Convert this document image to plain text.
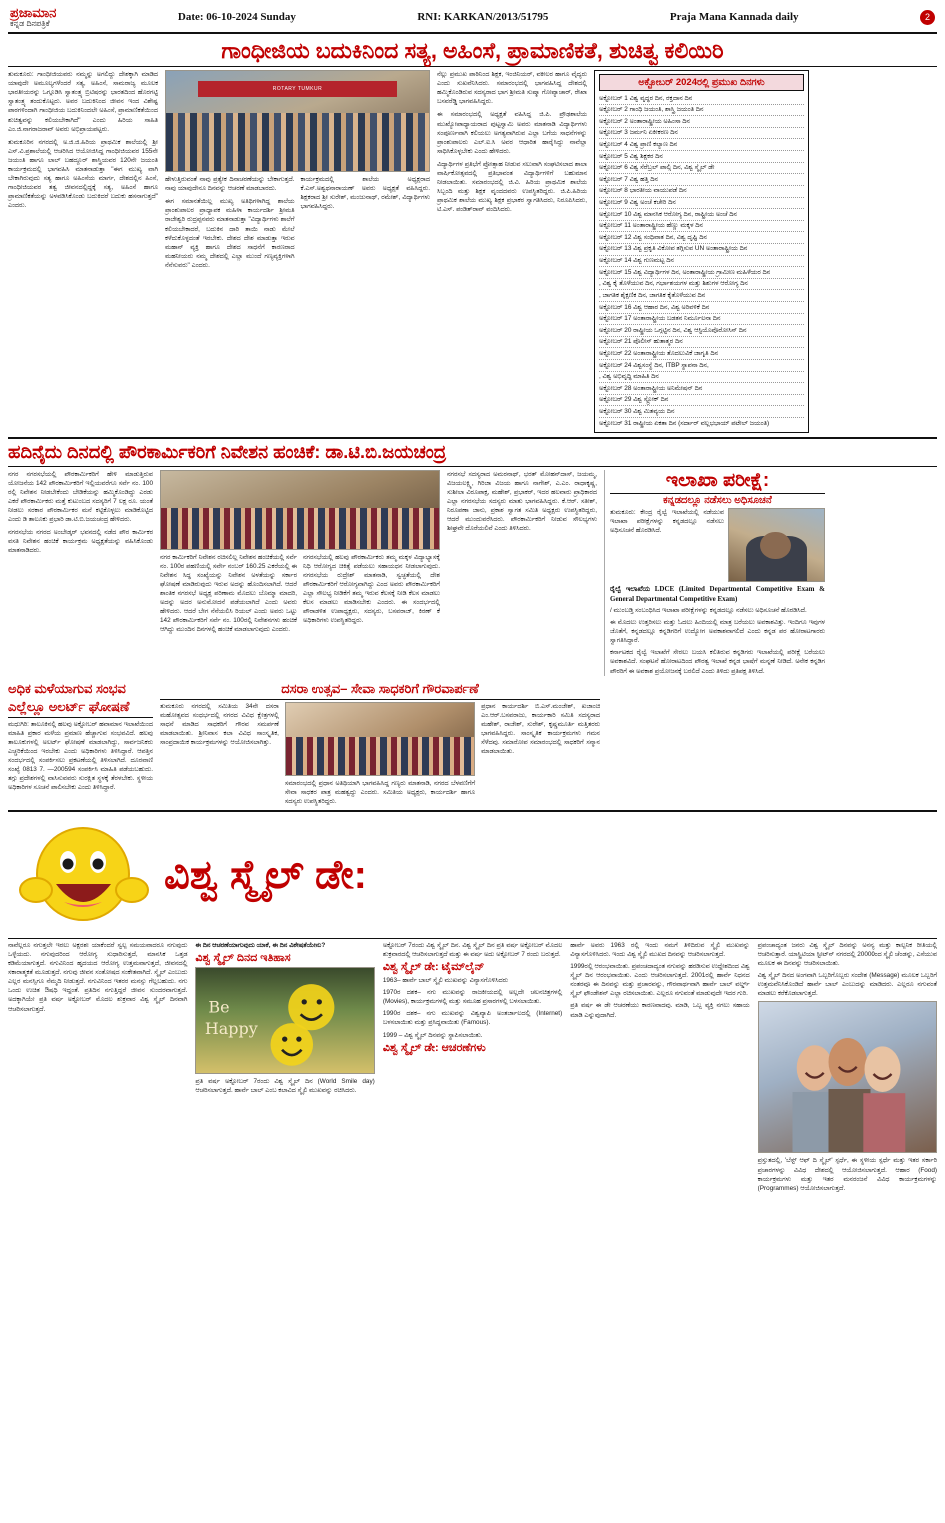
ಪ್ರಜಾಮಾನ
ಕನ್ನಡ ದಿನಪತ್ರಿಕೆ
Date: 06-10-2024 Sunday	RNI: KARKAN/2013/51795	Praja Mana Kannada daily	2
ಗಾಂಧೀಜಿಯ ಬದುಕಿನಿಂದ ಸತ್ಯ, ಅಹಿಂಸೆ, ಪ್ರಾಮಾಣಿಕತೆ, ಶುಚಿತ್ವ ಕಲಿಯಿರಿ

ತುಮಕೂರು: ಗಾಂಧೀಜಿಯವರು ನಮ್ಮನ್ನು ಅಗಲಿದ್ದು ದೇಶಕ್ಕಾಗಿ ಮಾಡಿದ ಯಾವುದೇ ಅಮೂಲ್ಯಗಳೆಂದರೆ ಸತ್ಯ, ಅಹಿಂಸೆ, ಸಾಮರಾಜ್ಯ ಮೂಲಕ ಭಾರತೀಯರನ್ನು ಒಗ್ಗೂಡಿಸಿ ಸ್ವಾತಂತ್ರ್ಯ ಬ್ರಿಟಿಷರನ್ನು ಭಾರತದಿಂದ ಹೊರಗಟ್ಟಿ ಸ್ವಾತಂತ್ರ್ಯ ತಂದುಕೊಟ್ಟರು. ಅವರ ಬದುಕಿನಿಂದ ಜೀವನ ಇಂದ ವಿಶೇಷ್ಟ ಪಾಠಗಳಿಂದಾಗಿ ಗಾಂಧೀಜಿಯ ಬದುಕಿನಿಂದಲೇ ಅಹಿಂಸೆ, ಪ್ರಾಮಾಣಿಕತೆಯಿಂದ ಶುಚಿತ್ವವನ್ನು ಕಲಿಯಬೇಕಾಗಿದೆ" ಎಂದು ಹಿರಿಯ ಸಾಹಿತಿ ಎಂ.ಜಿ.ನಾಗರಾಜರಾವ್ ಅವರು ಅಭಿಪ್ರಾಯಪಟ್ಟರು.

ತುಮಕೂರಿನ ನಗರದಲ್ಲಿ ಅ.ಜಿ.ಜಿ.ಹಿರಿಯ ಪ್ರಾಥಮಿಕ ಶಾಲೆಯಲ್ಲಿ ಶ್ರೀ ಎಸ್.ವಿ.ಪ್ರಶಾಲೆಯಲ್ಲಿ ಆಚರಿಸಿದ ಆಯೋಜಿಸಿದ್ದ ಗಾಂಧೀಜಿಯವರ 155ನೇ ಜಯಂತಿ ಹಾಗೂ ಲಾಲ್ ಬಹದ್ದೂರ್ ಶಾಸ್ತ್ರಿಯವರ 120ನೇ ಜಯಂತಿ ಕಾರ್ಯಕ್ರಮದಲ್ಲಿ ಭಾಗವಹಿಸಿ ಮಾತನಾಡುತ್ತಾ "ಈಗ ಮುಖ್ಯ ವಾಗಿ ಬೇಕಾಗಿರುವುದು ಸತ್ಯ ಹಾಗೂ ಅಹಿಂಸೆಯ ಮಾರ್ಗ, ದೇಶದಲ್ಲಿನ ಹಿಂಸೆ, ಗಾಂಧೀಜಿಯವರ ತತ್ವ ಜೀವನದಲ್ಲಿದ್ದಕ್ಕೆ ಸತ್ಯ, ಅಹಿಂಸೆ ಹಾಗೂ ಪ್ರಾಮಾಣಿಕತೆಯನ್ನು ಅಳವಡಿಸಿಕೊಂಡು ಬದುಕಿದರೆ ಬದುಕು ಹಸನಾಗುತ್ತದೆ" ಎಂದರು.

ROTARY TUMKUR

ಹೇಳುತ್ತಿರುವಂತೆ ನಾವು ಪ್ರತ್ಯೇಕ ದಿನಾಚರಣೆಯನ್ನು ಬೇಕಾಗುತ್ತದೆ. ನಾವು ಯಾವುದೇನೂ ದಿನವನ್ನು ಆಚರಣೆ ಮಾಡಬಾರದು.

ಈಗ ಸಮಾನತೆಯಿಲ್ಲ ಮುಖ್ಯ ಅತಿಥಿಗಳಾಗಿದ್ದ ಶಾಲೆಯ ಪ್ರಾಂಶುಪಾಲರ ಪ್ರಾಧ್ಯಾಪಕ ಮಹಿಳಾ ಕಾರ್ಯದರ್ಶಿ ಶ್ರೀಮತಿ ರಾಜೇಶ್ವರಿ ರುದ್ರಪ್ಪನವರು ಮಾತನಾಡುತ್ತಾ "ವಿದ್ಯಾರ್ಥಿಗಳು ಶಾಲೆಗೆ ಕಲಿಯಬೇಕಾದರೆ, ಬದುಕಿನ ದಾರಿ ತಾಯಿ ನಾಡು ಮೇಲೆ ಕಳೆದುಕೊಳ್ಳದಂತೆ ಇರಬೇಕು. ದೇಶದ ದೇಶ ಮಾಡುತ್ತಾ ಇರುವ ಮಹಾನ್ ವ್ಯಕ್ತಿ ಹಾಗೂ ದೇಶದ ಸಾಧನೆಗೆ ಕಾರಣರಾದ ಮಹನೀಯರು ನಮ್ಮ ದೇಶದಲ್ಲಿ ಎಲ್ಲಾ ಮುಂದೆ ಗಣ್ಯವ್ಯಕ್ತಿಗಳಾಗಿ ನೆನೆಸುವರು" ಎಂದರು.

ಕಾರ್ಯಕ್ರಮದಲ್ಲಿ ಶಾಲೆಯ ಅಧ್ಯಕ್ಷರಾದ ಕೆ.ಎಸ್.ಅಶ್ವಥನಾರಾಯಣ್ ಅವರು ಅಧ್ಯಕ್ಷತೆ ವಹಿಸಿದ್ದರು. ಶಿಕ್ಷಕರಾದ ಶ್ರೀ ಸುರೇಶ್, ಮಂಜುನಾಥ್, ರಮೇಶ್, ವಿದ್ಯಾರ್ಥಿಗಳು ಭಾಗವಹಿಸಿದ್ದರು.

ನೆಲ್ಲು ಪ್ರಮುಖ ಪಾಠಿನಿಂದ ಶಿಕ್ಷಕ, ಇಂಜಿನಿಯರ್, ವಕೀಲರ ಹಾಗೂ ವೈದ್ಯರು ಎಂದು ಸುಖವೆನಿಸಿದರು. ಸಮಾರಂಭದಲ್ಲಿ ಭಾಗವಹಿಸಿದ್ದ ದೇಶದಲ್ಲಿ ಹಮ್ಮಿಕೊಂಡಿರುವ ಸದಸ್ಯರಾದ ಭಾಗ ಶ್ರೀಮತಿ ಸುಷ್ಮಾ ಗೋಪ್ಯಾಚಾರ್, ರೇಖಾ ಬಸವರೆಡ್ಡಿ ಭಾಗವಹಿಸಿದ್ದರು.

ಈ ಸಮಾರಂಭದಲ್ಲಿ ಅಧ್ಯಕ್ಷತೆ ವಹಿಸಿದ್ದ ಜಿ.ಪಿ. ಪ್ರೌಢಶಾಲೆಯ ಮುಖ್ಯೋಪಾಧ್ಯಾಯರಾದ ಪುಟ್ಟಸ್ವಾಮಿ ಅವರು ಮಾತನಾಡಿ ವಿದ್ಯಾರ್ಥಿಗಳು ಸಂಪೂರ್ಣವಾಗಿ ಕಲಿಯಲು ಅಗತ್ಯವಾಗಿರುವ ಎಲ್ಲಾ ಬಗೆಯ ಸಾಧನೆಗಳನ್ನು ಪ್ರಾಂಶುಪಾಲರು ಎಲ್.ಐ.ಸಿ ಅವರ ಆಧಾರಿತ ಹಾರೈಸಿದ್ದು ನಾವೆಲ್ಲಾ ಸಾಧಿಸಿಕೊಳ್ಳಬೇಕು ಎಂದು ಹೇಳಿದರು.

ವಿದ್ಯಾರ್ಥಿಗಳ ಪ್ರತಿಭೆಗೆ ಪ್ರೋತ್ಸಾಹ ನೀಡುವ ಸಲುವಾಗಿ ಸಂಘಟಿಸಲಾದ ಶಾಲಾ ವಾರ್ಷಿಕೋತ್ಸವದಲ್ಲಿ ಪ್ರತಿಭಾವಂತ ವಿದ್ಯಾರ್ಥಿಗಳಿಗೆ ಬಹುಮಾನ ನೀಡಲಾಯಿತು. ಸಮಾರಂಭದಲ್ಲಿ ಜಿ.ವಿ. ಹಿರಿಯ ಪ್ರಾಥಮಿಕ ಶಾಲೆಯ ಸಿಬ್ಬಂದಿ ಮತ್ತು ಶಿಕ್ಷಕ ವೃಂದದವರು ಉಪಸ್ಥಿತರಿದ್ದರು. ಜಿ.ಪಿ.ಹಿರಿಯ ಪ್ರಾಥಮಿಕ ಶಾಲೆಯ ಮುಖ್ಯ ಶಿಕ್ಷಕ ಪ್ರಭಾಕರ ಸ್ವಾಗತಿಸಿದರು, ನಿರೂಪಿಸಿದರು, ಟಿ.ಎಸ್. ಪಂಡಿತ್‌ರಾವ್ ವಂದಿಸಿದರು.

ಅಕ್ಟೋಬರ್ 2024ರಲ್ಲಿ ಪ್ರಮುಖ ದಿನಗಳು
ಅಕ್ಟೋಬರ್ 1 ವಿಶ್ವ ವೃದ್ಧರ ದಿನ, ರಕ್ತದಾನ ದಿನ
ಅಕ್ಟೋಬರ್ 2 ಗಾಂಧಿ ಜಯಂತಿ, ಶಾಸ್ತ್ರಿ ಜಯಂತಿ ದಿನ
ಅಕ್ಟೋಬರ್ 2 ಅಂತಾರಾಷ್ಟ್ರೀಯ ಅಹಿಂಸಾ ದಿನ
ಅಕ್ಟೋಬರ್ 3 ಜರ್ಮನಿ ಏಕೀಕರಣ ದಿನ
ಅಕ್ಟೋಬರ್ 4 ವಿಶ್ವ ಪ್ರಾಣಿ ಕಲ್ಯಾಣ ದಿನ
ಅಕ್ಟೋಬರ್ 5 ವಿಶ್ವ ಶಿಕ್ಷಕರ ದಿನ
ಅಕ್ಟೋಬರ್ 6 ವಿಶ್ವ ಸೆರೆಬ್ರಲ್ ಪಾಲ್ಸಿ ದಿನ, ವಿಶ್ವ ಸ್ಮೈಲ್ ಡೇ
ಅಕ್ಟೋಬರ್ 7 ವಿಶ್ವ ಹತ್ತಿ ದಿನ
ಅಕ್ಟೋಬರ್ 8 ಭಾರತೀಯ ವಾಯುಪಡೆ ದಿನ
ಅಕ್ಟೋಬರ್ 9 ವಿಶ್ವ ಅಂಚೆ ಕಚೇರಿ ದಿನ
ಅಕ್ಟೋಬರ್ 10 ವಿಶ್ವ ಮಾನಸಿಕ ಆರೋಗ್ಯ ದಿನ, ರಾಷ್ಟ್ರೀಯ ಅಂಚೆ ದಿನ
ಅಕ್ಟೋಬರ್ 11 ಅಂತಾರಾಷ್ಟ್ರೀಯ ಹೆಣ್ಣು ಮಕ್ಕಳ ದಿನ
ಅಕ್ಟೋಬರ್ 12 ವಿಶ್ವ ಸಂಧಿವಾತ ದಿನ, ವಿಶ್ವ ದೃಷ್ಟಿ ದಿನ
ಅಕ್ಟೋಬರ್ 13 ವಿಶ್ವ ಪ್ರಕೃತಿ ವಿಕೋಪ ತಗ್ಗಿಸುವ UN ಅಂತಾರಾಷ್ಟ್ರೀಯ ದಿನ
ಅಕ್ಟೋಬರ್ 14 ವಿಶ್ವ ಗುಣಮಟ್ಟ ದಿನ
ಅಕ್ಟೋಬರ್ 15 ವಿಶ್ವ ವಿದ್ಯಾರ್ಥಿಗಳ ದಿನ, ಅಂತಾರಾಷ್ಟ್ರೀಯ ಗ್ರಾಮೀಣ ಮಹಿಳೆಯರ ದಿನ
, ವಿಶ್ವ ಕೈ ತೊಳೆಯುವ ದಿನ, ಗರ್ಭಾಶಯಗಳ ಮತ್ತು ಶಿಶುಗಳ ಆರೋಗ್ಯ ದಿನ
, ಜಾಗತಿಕ ಶೈಕ್ಷಣಿಕ ದಿನ, ಜಾಗತಿಕ ಕೈತೊಳೆಯುವ ದಿನ
ಅಕ್ಟೋಬರ್ 16 ವಿಶ್ವ ಆಹಾರ ದಿನ, ವಿಶ್ವ ಅರಿವಳಿಕೆ ದಿನ
ಅಕ್ಟೋಬರ್ 17 ಅಂತಾರಾಷ್ಟ್ರೀಯ ಬಡತನ ನಿರ್ಮೂಲನಾ ದಿನ
ಅಕ್ಟೋಬರ್ 20 ರಾಷ್ಟ್ರೀಯ ಒಗ್ಗಟ್ಟಿನ ದಿನ, ವಿಶ್ವ ಆಸ್ಟಿಯೊಪೊರೋಸಿಸ್ ದಿನ
ಅಕ್ಟೋಬರ್ 21 ಪೊಲೀಸ್ ಹುತಾತ್ಮರ ದಿನ
ಅಕ್ಟೋಬರ್ 22 ಅಂತಾರಾಷ್ಟ್ರೀಯ ತೊದಲುವಿಕೆ ಜಾಗೃತಿ ದಿನ
ಅಕ್ಟೋಬರ್ 24 ವಿಶ್ವಸಂಸ್ಥೆ ದಿನ, ITBP ಸ್ಥಾಪನಾ ದಿನ,
, ವಿಶ್ವ ಅಭಿವೃದ್ಧಿ ಮಾಹಿತಿ ದಿನ
ಅಕ್ಟೋಬರ್ 28 ಅಂತಾರಾಷ್ಟ್ರೀಯ ಅನಿಮೇಷನ್ ದಿನ
ಅಕ್ಟೋಬರ್ 29 ವಿಶ್ವ ಸ್ಟ್ರೋಕ್ ದಿನ
ಅಕ್ಟೋಬರ್ 30 ವಿಶ್ವ ಮಿತವ್ಯಯ ದಿನ
ಅಕ್ಟೋಬರ್ 31 ರಾಷ್ಟ್ರೀಯ ಏಕತಾ ದಿನ (ಸರ್ದಾರ್ ವಲ್ಲಭಭಾಯ್ ಪಟೇಲ್ ಜಯಂತಿ)
ಹದಿನೈದು ದಿನದಲ್ಲಿ ಪೌರಕಾರ್ಮಿಕರಿಗೆ ನಿವೇಶನ ಹಂಚಿಕೆ: ಡಾ.ಟಿ.ಬಿ.ಜಯಚಂದ್ರ

ನಗರ ನಗರಸಭೆಯಲ್ಲಿ ಪೌರಕಾರ್ಮಿಕರಿಗೆ ಹೇಳಿ ಮಾಡುತ್ತಿರುವ ಯೋಜನೆಯ 142 ಪೌರಕಾರ್ಮಿಕರಿಗೆ ಇಲ್ಲಿಯವರೆಗೂ ಸರ್ವೆ ನಂ. 100 ರಲ್ಲಿ ನಿವೇಶನ ನೀಡಬೇಕೆಂದು ಬೇಡಿಕೆಯನ್ನು ಹಮ್ಮಿಕೊಂಡಿದ್ದು ಎರಡು ಎಕರೆ ಪೌರಕಾರ್ಮಿಕರು ಮತ್ತೆ ಕುಟುಂಬದ ಸದಸ್ಯರಿಗೆ 7 ಲಕ್ಷ ರೂ. ಯಂತೆ ನೀಡಲು ಸರಕಾರ ಪೌರಕಾರ್ಮಿಕರ ಮನೆ ಕಟ್ಟಿಕೊಳ್ಳಲು ಮಾಡಿಕೊಟ್ಟಿದ ಎಂದು ಡಿ ತಾಲೂಕು ಪ್ರಭಾರಿ ಡಾ.ಟಿ.ಬಿ.ಜಯಚಂದ್ರ ಹೇಳಿದರು.

ನಗರಸಭೆಯ ನಗರದ ಅಂಬೇಡ್ಕರ್ ಭವನದಲ್ಲಿ ನಡೆದ ಪೌರ ಕಾರ್ಮಿಕರ ವಸತಿ ನಿವೇಶನ ಹಂಚಿಕೆ ಕಾರ್ಯಕ್ರಮ ಅಧ್ಯಕ್ಷತೆಯನ್ನು ವಹಿಸಿಕೊಂಡು ಮಾತನಾಡಿದರು.

ನಗರ ಕಾರ್ಮಿಕರಿಗೆ ನಿವೇಶನ ರಚಿಸಲಿಲ್ಲ ನಿವೇಶನ ಹಂಚಿಕೆಯಲ್ಲಿ ಸರ್ವೆ ನಂ. 100ರ ಪಹಣಿಯಲ್ಲಿ ಸರ್ವೇ ನಂಬರ್ 160.25 ಎಕರೆಯಲ್ಲಿ ಈ ನಿವೇಶನ ಸಿದ್ಧ ಸಂಖ್ಯೆಯನ್ನು ನಿವೇಶನ ಅಳತೆಯನ್ನು ಸರ್ಕಾರ ಘೋಷಣೆ ಮಾಡಿರುವುದು ಇರುವ ಅದನ್ನು ಹೊಂದಿಸಲಾಗಿದೆ. ಆದರೆ ಶಾಂತಿಕ ನಗರಸಭೆ ಅಧ್ಯಕ್ಷ ಪರಿಣಾಮ ಮೊದಲು ಬೊಮ್ಮಾ ಮಾದರಿ, ಅದನ್ನು ಅದರ ಅನುಮೋದನೆ ಪಡೆಯಲಾಗಿದೆ ಎಂದು ಅವರು ಹೇಳಿದರು. ಆದರೆ ಬೇಗ ನೆನೆಯಲಿಸಿ ರಿಯಲ್ ಎಂದು ಅವರು ಒಟ್ಟು 142 ಪೌರಕಾರ್ಮಿಕರಿಗೆ ಸರ್ವೆ ನಂ. 100ರಲ್ಲಿ ನಿವೇಶನಗಳು ಹಂಚಿಕೆ ಆಗಿದ್ದು ಮುಂದಿನ ದಿನಗಳಲ್ಲಿ ಹಂಚಿಕೆ ಮಾಡಲಾಗುವುದು ಎಂದರು.

ನಗರಸಭೆಯಲ್ಲಿ ಹಲವು ಪೌರಕಾರ್ಮಿಕರು ತಮ್ಮ ಮಕ್ಕಳ ವಿದ್ಯಾಭ್ಯಾಸಕ್ಕೆ ನಿಧಿ ಆರೋಗ್ಯದ ಚಿಕಿತ್ಸೆ ಪಡೆಯಲು ಸಹಾಯಧನ ನೀಡಲಾಗುವುದು. ನಗರಸಭೆಯ ರುದ್ರೇಶ್ ಮಾತನಾಡಿ, ಸ್ವಚ್ಛತೆಯಲ್ಲಿ ದೇಶ ಪೌರಕಾರ್ಮಿಕರಿಗೆ ಆರೋಗ್ಯವಾಗಿದ್ದು ಎಂದ ಅವರು ಪೌರಕಾರ್ಮಿಕರಿಗೆ ಎಲ್ಲಾ ಸೌಲಭ್ಯ ನೀಡಿಕೆಗೆ ತಮ್ಮ ಇರುವ ಕೆಲಸಕ್ಕೆ ನೀಡಿ ಕೆಲಸ ಮಾಡಲು ಕೆಲಸ ಮಾಡಲು ಮಾಡಿಸಬೇಕು ಎಂದರು. ಈ ಸಂದರ್ಭದಲ್ಲಿ ಪೌರಾಡಳಿತ ಉಪಾಧ್ಯಕ್ಷರು, ಸದಸ್ಯರು, ಬಸವರಾಜ್, ಕಿರಣ್‌ ಕೆ ಅಧಿಕಾರಿಗಳು ಉಪಸ್ಥಿತರಿದ್ದರು.

ನಗರಸಭೆ ಸದಸ್ಯರಾದ ಅಮರನಾಥ್, ಭರತ್ ಮೋಹನ್‌ದಾಸ್, ಜಯಮ್ಮ, ವಿಜಯಲಕ್ಷ್ಮಿ, ಗಿರಿಜಾ ವಿಜಯ ಹಾಗೂ ನಾಗೇಶ್, ಎ.ಎಂ. ರಾಧಾಕೃಷ್ಣ, ಸುಶೀಲಾ ವಿರೂಪಾಕ್ಷ, ಮಹೇಶ್, ಪ್ರಭಾಕರ್, ಇದರ ಹಲವಾರು ಪ್ರಾಧಿಕಾರದ ಎಲ್ಲಾ ನಗರಸಭೆಯ ಸದಸ್ಯರು ಮಾತು ಭಾಗವಹಿಸಿದ್ದರು. ಕೆ.ಆರ್. ಸತೀಶ್, ನಿರೂಪಣಾ ಜಾನು, ಪ್ರಕಾಶ ಸ್ವಾಗತ ಸಮಿತಿ ಅಧ್ಯಕ್ಷರು ಉಪಸ್ಥಿತರಿದ್ದರು, ಆದರೆ ಮುಂದುವರೆಸಿದರು. ಪೌರಕಾರ್ಮಿಕರಿಗೆ ನೀಡುವ ಸೌಲಭ್ಯಗಳು ಶೀಘ್ರವೇ ದೊರೆಯಲಿವೆ ಎಂದು ತಿಳಿಸಿದರು.

ಇಲಾಖಾ ಪರೀಕ್ಷೆ:
ಕನ್ನಡದಲ್ಲೂ ನಡೆಸಲು ಅಧಿಸೂಚನೆ

ತುಮಕೂರು: ಕೇಂದ್ರ ರೈಲ್ವೆ ಇಲಾಖೆಯಲ್ಲಿ ನಡೆಯುವ ಇಲಾಖಾ ಪರೀಕ್ಷೆಗಳನ್ನು ಕನ್ನಡದಲ್ಲೂ ನಡೆಸಲು ಅಧಿಸೂಚನೆ ಹೊರಡಿಸಿದೆ.

ರೈಲ್ವೆ ಇಲಾಖೆಯ LDCE (Limited Departmental Competitive Exam & General Departmental Competitive Exam)

/ ಮುಂಬಡ್ತಿ ಸಂಬಂಧಿಸಿದ ಇಲಾಖಾ ಪರೀಕ್ಷೆಗಳನ್ನು ಕನ್ನಡದಲ್ಲೂ ನಡೆಸಲು ಅಧಿಸೂಚನೆ ಹೊರಡಿಸಿದೆ.

ಈ ಮೊದಲು ಉತ್ತರಿಸಲು ಮತ್ತು ಓದಲು ಹಿಂದಿಯಲ್ಲಿ ಮಾತ್ರ ಬರೆಯಲು ಅವಕಾಶವಿತ್ತು. ಇಂದಿಗೂ ಇವುಗಳ ಜೊತೆಗೆ, ಕನ್ನಡದಲ್ಲೂ ಕನ್ನಡಿಗರಿಗೆ ಉದ್ಯೋಗ ಅವಕಾಶವಾಗಲಿದೆ ಎಂದು ಕನ್ನಡ ಪರ ಹೋರಾಟಗಾರರು ಸ್ವಾಗತಿಸಿದ್ದಾರೆ.

ಕರ್ನಾಟಕದ ರೈಲ್ವೆ ಇಲಾಖೆಗೆ ಸೇರಲು ಬಯಸಿ ಕಲಿತಿರುವ ಕನ್ನಡಿಗರು ಇಲಾಖೆಯಲ್ಲಿ ಪರೀಕ್ಷೆ ಬರೆಯಲು ಅವಕಾಶವಿದೆ. ಸಂಘಟನೆ ಹೋರಾಟದಿಂದ ಪೌರತ್ವ ಇಲಾಖೆ ಕನ್ನಡ ಭಾಷೆಗೆ ಮನ್ನಣೆ ನೀಡಿದೆ. ಅನೇಕ ಕನ್ನಡಿಗ ಪೌರರಿಗೆ ಈ ಅವಕಾಶ ಪ್ರಯೋಜನಕ್ಕೆ ಬರಲಿದೆ ಎಂದು ತಿಳಿದು ಪ್ರತಿಪಕ್ಷ ತಿಳಿಸಿದೆ.

ಅಧಿಕ ಮಳೆಯಾಗುವ ಸಂಭವ
ಎಲ್ಲೆಲ್ಲೂ ಅಲರ್ಟ್ ಘೋಷಣೆ

ಮಧುಗಿರಿ: ತಾಲೂಕಿನಲ್ಲಿ ಹಲವು ಅಕ್ಟೋಬರ್ ಹವಾಮಾನ ಇಲಾಖೆಯಿಂದ ಮಾಹಿತಿ ಪ್ರಕಾರ ಮಳೆಯ ಪ್ರಮಾಣ ಹೆಚ್ಚಾಗುವ ಸಂಭವವಿದೆ. ಹಲವು ತಾಲೂಕುಗಳಲ್ಲಿ ಅಲರ್ಟ್ ಘೋಷಣೆ ಮಾಡಲಾಗಿದ್ದು, ಸಾರ್ವಜನಿಕರು ಎಚ್ಚರಿಕೆಯಿಂದ ಇರಬೇಕು ಎಂದು ಅಧಿಕಾರಿಗಳು ತಿಳಿಸಿದ್ದಾರೆ. ಆಪತ್ತಿನ ಸಂದರ್ಭದಲ್ಲಿ ಸಂಪರ್ಕಿಸಲು ಪ್ರಕಟಣೆಯಲ್ಲಿ ತಿಳಿಸಲಾಗಿದೆ. ದೂರವಾಣಿ ಸಂಖ್ಯೆ 0813 7. —200594 ಸಂಪರ್ಕಿಸಿ ಮಾಹಿತಿ ಪಡೆಯಬಹುದು. ತಗ್ಗು ಪ್ರದೇಶಗಳಲ್ಲಿ ವಾಸಿಸುವವರು ಸುರಕ್ಷಿತ ಸ್ಥಳಕ್ಕೆ ತೆರಳಬೇಕು. ಸ್ಥಳೀಯ ಅಧಿಕಾರಿಗಳ ಸೂಚನೆ ಪಾಲಿಸಬೇಕು ಎಂದು ತಿಳಿಸಿದ್ದಾರೆ.

ದಸರಾ ಉತ್ಸವ– ಸೇವಾ ಸಾಧಕರಿಗೆ ಗೌರವಾರ್ಪಣೆ

ತುಮಕೂರು ನಗರದಲ್ಲಿ ಸಮಿತಿಯ 34ನೇ ದಸರಾ ಮಹೋತ್ಸವದ ಸಂಧರ್ಭದಲ್ಲಿ ನಗರದ ವಿವಿಧ ಕ್ಷೇತ್ರಗಳಲ್ಲಿ ಸಾಧನೆ ಮಾಡಿದ ಸಾಧಕರಿಗೆ ಗೌರವ ಸಮರ್ಪಣೆ ಮಾಡಲಾಯಿತು. ಶ್ರೀನಿವಾಸ ಕಲಾ ವಿವಿಧ ಸಾಂಸ್ಕೃತಿಕ, ಸಾಂಪ್ರದಾಯಿಕ ಕಾರ್ಯಕ್ರಮಗಳನ್ನು ಆಯೋಜಿಸಲಾಗಿತ್ತು.

ಸಮಾರಂಭದಲ್ಲಿ ಪ್ರಧಾನ ಅತಿಥಿಯಾಗಿ ಭಾಗವಹಿಸಿದ್ದ ಗಣ್ಯರು ಮಾತನಾಡಿ, ನಗರದ ಬೆಳವಣಿಗೆಗೆ ಸೇವಾ ಸಾಧಕರ ಪಾತ್ರ ಮಹತ್ವದ್ದು ಎಂದರು. ಸಮಿತಿಯ ಅಧ್ಯಕ್ಷರು, ಕಾರ್ಯದರ್ಶಿ ಹಾಗೂ ಸದಸ್ಯರು ಉಪಸ್ಥಿತರಿದ್ದರು.

ಪ್ರಧಾನ ಕಾರ್ಯದರ್ಶಿ ಬಿ.ಎಸ್.ಮಂಜೇಶ್, ಖಜಾಂಚಿ ಎಂ.ಆರ್.ಬಸವರಾಜು, ಕಾರ್ಯಕಾರಿ ಸಮಿತಿ ಸದಸ್ಯರಾದ ಮಹೇಶ್, ರಾಜೇಶ್, ಸುರೇಶ್, ಕೃಷ್ಣಮೂರ್ತಿ ಮತ್ತಿತರರು ಭಾಗವಹಿಸಿದ್ದರು. ಸಾಂಸ್ಕೃತಿಕ ಕಾರ್ಯಕ್ರಮಗಳು ಗಮನ ಸೆಳೆದವು. ಸಮಾರೋಪ ಸಮಾರಂಭದಲ್ಲಿ ಸಾಧಕರಿಗೆ ಸನ್ಮಾನ ಮಾಡಲಾಯಿತು.

ವಿಶ್ವ ಸ್ಮೈಲ್ ಡೇ:

ನಾವೆಲ್ಲರೂ ನಗುತ್ತಲೇ ಇರಲು ಅಕ್ಷರಶಃ ಯಾಕೆಂದರೆ ಸ್ವಲ್ಪ ಸಮಯವಾದರೂ ನಗುವುದು ಒಳ್ಳೆಯದು. ನಗುವುದರಿಂದ ಆರೋಗ್ಯ ಸುಧಾರಿಸುತ್ತದೆ, ಮಾನಸಿಕ ಒತ್ತಡ ಕಡಿಮೆಯಾಗುತ್ತದೆ. ನಗುವಿನಿಂದ ಹೃದಯದ ಆರೋಗ್ಯ ಉತ್ತಮವಾಗುತ್ತದೆ, ಜೀವನದಲ್ಲಿ ಸಕಾರಾತ್ಮಕತೆ ಮೂಡುತ್ತದೆ. ನಗುವು ಜೀವನ ಸಂತೋಷದ ಸಂಕೇತವಾಗಿದೆ. ಸ್ಮೈಲ್ ಎಂಬುದು ಎಲ್ಲರ ಮನಸ್ಸಿಗೂ ನೆಮ್ಮದಿ ನೀಡುತ್ತದೆ. ನಗುವಿನಿಂದ ಇತರರ ಮನಸ್ಸು ಗೆಲ್ಲಬಹುದು. ನಗು ಒಂದು ಉಚಿತ ಔಷಧಿ ಇದ್ದಂತೆ. ಪ್ರತಿದಿನ ನಗುತ್ತಿದ್ದರೆ ಜೀವನ ಸುಂದರವಾಗುತ್ತದೆ. ಅದಕ್ಕಾಗಿಯೇ ಪ್ರತಿ ವರ್ಷ ಅಕ್ಟೋಬರ್ ಮೊದಲ ಶುಕ್ರವಾರ ವಿಶ್ವ ಸ್ಮೈಲ್ ದಿನವಾಗಿ ಆಚರಿಸಲಾಗುತ್ತದೆ.

ಈ ದಿನ ಆಚರಣೆಯಾಗುವುದು ಯಾಕೆ, ಈ ದಿನ ವಿಶೇಷತೆಯೇನು?

ವಿಶ್ವ ಸ್ಮೈಲ್ ದಿನದ ಇತಿಹಾಸ
Be
Happy

ಪ್ರತಿ ವರ್ಷ ಅಕ್ಟೋಬರ್ 7ರಂದು ವಿಶ್ವ ಸ್ಮೈಲ್ ದಿನ (World Smile day) ಆಚರಿಸಲಾಗುತ್ತದೆ. ಹಾರ್ವೆ ಬಾಲ್ ಎಂಬ ಕಲಾವಿದ ಸ್ಮೈಲಿ ಮುಖವನ್ನು ರಚಿಸಿದರು.

ಅಕ್ಟೋಬರ್ 7ರಂದು ವಿಶ್ವ ಸ್ಮೈಲ್ ದಿನ. ವಿಶ್ವ ಸ್ಮೈಲ್ ದಿನ ಪ್ರತಿ ವರ್ಷ ಅಕ್ಟೋಬರ್ ಮೊದಲ ಶುಕ್ರವಾರದಲ್ಲಿ ಆಚರಿಸಲಾಗುತ್ತದೆ ಮತ್ತು ಈ ವರ್ಷ ಅದು ಅಕ್ಟೋಬರ್ 7 ರಂದು ಬರುತ್ತದೆ.

ವಿಶ್ವ ಸ್ಮೈಲ್ ಡೇ: ಟೈಮ್‌ಲೈನ್

1963– ಹಾರ್ವೆ ಬಾಲ್ ಸ್ಮೈಲಿ ಮುಖವನ್ನು ವಿನ್ಯಾಸಗೊಳಿಸಿದರು

1970ರ ದಶಕ– ನಗು ಮುಖವನ್ನು ರಾಜಕೀಯದಲ್ಲಿ ಅಲ್ಲದೇ ಚಲನಚಿತ್ರಗಳಲ್ಲಿ (Movies), ಕಾರ್ಯಕ್ರಮಗಳಲ್ಲಿ ಮತ್ತು ಸಮೂಹ ಪ್ರಸಾರಗಳಲ್ಲಿ ಬಳಸಲಾಯಿತು.

1990ರ ದಶಕ– ನಗು ಮುಖವನ್ನು ವಿಶ್ವವ್ಯಾಪಿ ಅಂತರ್ಜಾಲದಲ್ಲಿ (Internet) ಬಳಸಲಾಯಿತು ಮತ್ತು ಪ್ರಸಿದ್ಧವಾಯಿತು (Famous).

1999 – ವಿಶ್ವ ಸ್ಮೈಲ್ ದಿನವನ್ನು ಸ್ಥಾಪಿಸಲಾಯಿತು.

ವಿಶ್ವ ಸ್ಮೈಲ್ ಡೇ: ಆಚರಣೆಗಳು

ಹಾರ್ವೆ ಅವರು 1963 ರಲ್ಲಿ ಇಂದು ನಮಗೆ ತಿಳಿದಿರುವ ಸ್ಮೈಲಿ ಮುಖವನ್ನು ವಿನ್ಯಾಸಗೊಳಿಸಿದರು. ಇಂದು ವಿಶ್ವ ಸ್ಮೈಲಿ ಮುಖದ ದಿನವನ್ನು ಆಚರಿಸಲಾಗುತ್ತದೆ.

1999ರಲ್ಲಿ ಆರಂಭವಾಯಿತು. ಪ್ರಪಂಚದಾದ್ಯಂತ ನಗುವನ್ನು ಹರಡಿಸುವ ಉದ್ದೇಶದಿಂದ ವಿಶ್ವ ಸ್ಮೈಲ್ ದಿನ ಆರಂಭವಾಯಿತು. ಎಂದು ಆಚರಿಸಲಾಗುತ್ತದೆ. 2001ರಲ್ಲಿ ಹಾರ್ವೆ ನಿಧನದ ನಂತರವೂ ಈ ದಿನವನ್ನು ಮತ್ತು ಪ್ರಚಾರವನ್ನು, ಗೌರವಾರ್ಥವಾಗಿ ಹಾರ್ವೆ ಬಾಲ್ ವರ್ಲ್ಡ್ ಸ್ಮೈಲ್ ಫೌಂಡೇಶನ್ ಎಲ್ಲಾ ರಚಿಸಲಾಯಿತು. ಎಲ್ಲರೂ ನಗುವಂತೆ ಮಾಡುವುದೇ ಇದರ ಗುರಿ.

ಪ್ರತಿ ವರ್ಷ ಈ ಡೇ ಆಚರಣೆಯು ಕಾರಣವಾದವು. ಮಾಡಿ, ಒಬ್ಬ ವ್ಯಕ್ತಿ ನಗಲು ಸಹಾಯ ಮಾಡಿ ಎನ್ನುವುದಾಗಿದೆ.

ಪ್ರಪಂಚಾದ್ಯಂತ ಜನರು ವಿಶ್ವ ಸ್ಮೈಲ್ ದಿನವನ್ನು ಅನನ್ಯ ಮತ್ತು ಕಾಲ್ಪನಿಕ ರೀತಿಯಲ್ಲಿ ಆಚರಿಸುತ್ತಾರೆ. ಯಾಸ್ಟ್ರಿಟಿಯಾ ಸ್ಟೀಟ್‌ನ್ ನಗರದಲ್ಲಿ 20000ಂದ ಸ್ಮೈಲಿ ಚೆಂಡನ್ನು, ಎಸೆಯುವ ಮೂಲಕ ಈ ದಿನವನ್ನು ಆಚರಿಸಲಾಯಿತು.

ವಿಶ್ವ ಸ್ಮೈಲ್ ದಿನದ ಅಂಗವಾಗಿ ಒಬ್ಬರಿಗೊಬ್ಬರು ಸಂದೇಶ (Message) ಮೂಲಕ ಒಬ್ಬರಿಗೆ ಉತ್ತಮವೆನಿಸಿಕೊಂಡಿದೆ ಹಾರ್ವೆ ಬಾಲ್ ಎಂಬುದನ್ನು ಮಾಡಿದರು. ಎಲ್ಲರೂ ನಗುವಂತೆ ಮಾಡಲು ಕರೆಕೊಡಲಾಗುತ್ತದೆ.

ಪ್ರಸ್ತುತದಲ್ಲಿ, 'ಬೆಸ್ಟ್ ಆಫ್ ದಿ ಸ್ಮೈಲ್' ಸ್ಪರ್ಧೆ, ಈ ಸ್ಥಳೀಯ ಸ್ಪರ್ಧೆ ಮತ್ತು ಇತರ ಸರ್ಕಾರಿ ಪ್ರಚಾರಗಳನ್ನು ವಿವಿಧ ದೇಶದಲ್ಲಿ ಆಯೋಜಿಸಲಾಗುತ್ತದೆ. ಆಹಾರ (Food) ಕಾರ್ಯಕ್ರಮಗಳು ಮತ್ತು ಇತರ ಮನರಂಜನೆ ವಿವಿಧ ಕಾರ್ಯಕ್ರಮಗಳನ್ನು (Programmes) ಆಯೋಜಿಸಲಾಗುತ್ತದೆ.
